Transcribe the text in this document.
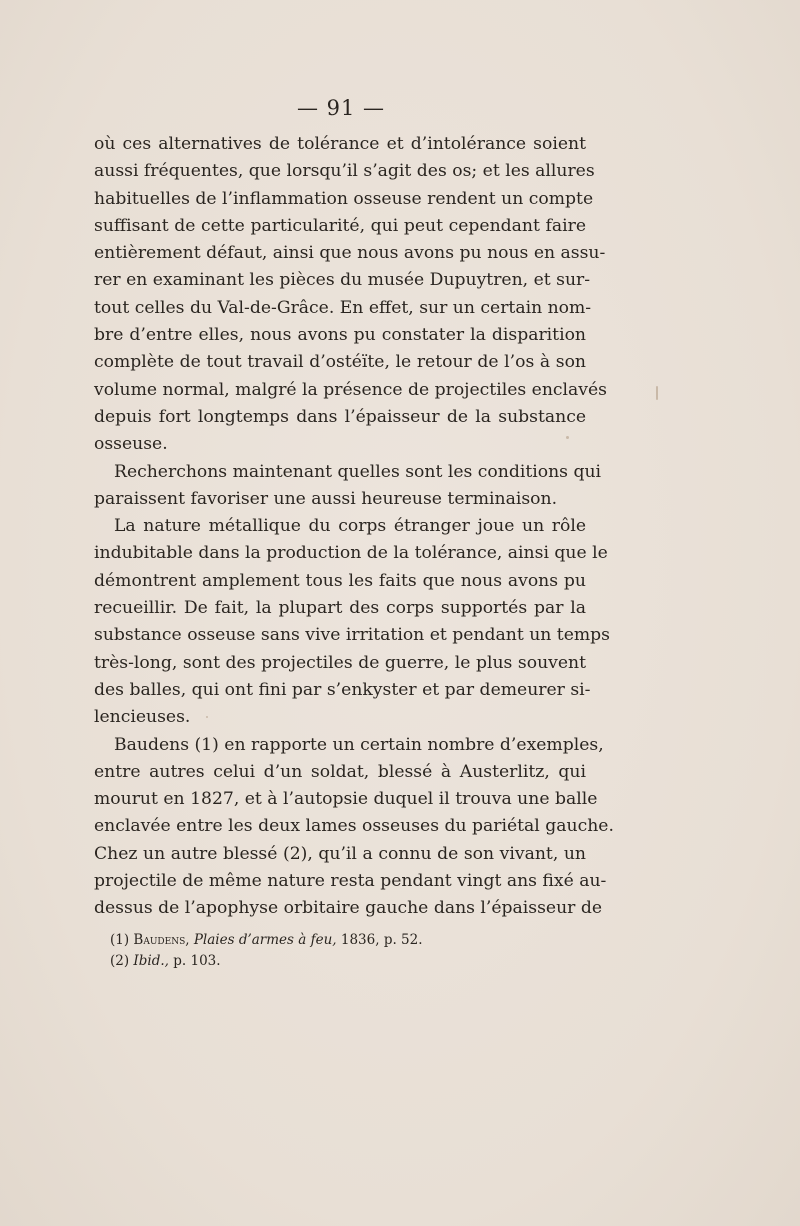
— 91 —
où ces alternatives de tolérance et d’intolérance soient
aussi fréquentes, que lorsqu’il s’agit des os; et les allures
habituelles de l’inflammation osseuse rendent un compte
suffisant de cette particularité, qui peut cependant faire
entièrement défaut, ainsi que nous avons pu nous en assu-
rer en examinant les pièces du musée Dupuytren, et sur-
tout celles du Val-de-Grâce. En effet, sur un certain nom-
bre d’entre elles, nous avons pu constater la disparition
complète de tout travail d’ostéïte, le retour de l’os à son
volume normal, malgré la présence de projectiles enclavés
depuis fort longtemps dans l’épaisseur de la substance
osseuse.
Recherchons maintenant quelles sont les conditions qui
paraissent favoriser une aussi heureuse terminaison.
La nature métallique du corps étranger joue un rôle
indubitable dans la production de la tolérance, ainsi que le
démontrent amplement tous les faits que nous avons pu
recueillir. De fait, la plupart des corps supportés par la
substance osseuse sans vive irritation et pendant un temps
très-long, sont des projectiles de guerre, le plus souvent
des balles, qui ont fini par s’enkyster et par demeurer si-
lencieuses.
Baudens (1) en rapporte un certain nombre d’exemples,
entre autres celui d’un soldat, blessé à Austerlitz, qui
mourut en 1827, et à l’autopsie duquel il trouva une balle
enclavée entre les deux lames osseuses du pariétal gauche.
Chez un autre blessé (2), qu’il a connu de son vivant, un
projectile de même nature resta pendant vingt ans fixé au-
dessus de l’apophyse orbitaire gauche dans l’épaisseur de
(1) Baudens, Plaies d’armes à feu, 1836, p. 52.
(2) Ibid., p. 103.
